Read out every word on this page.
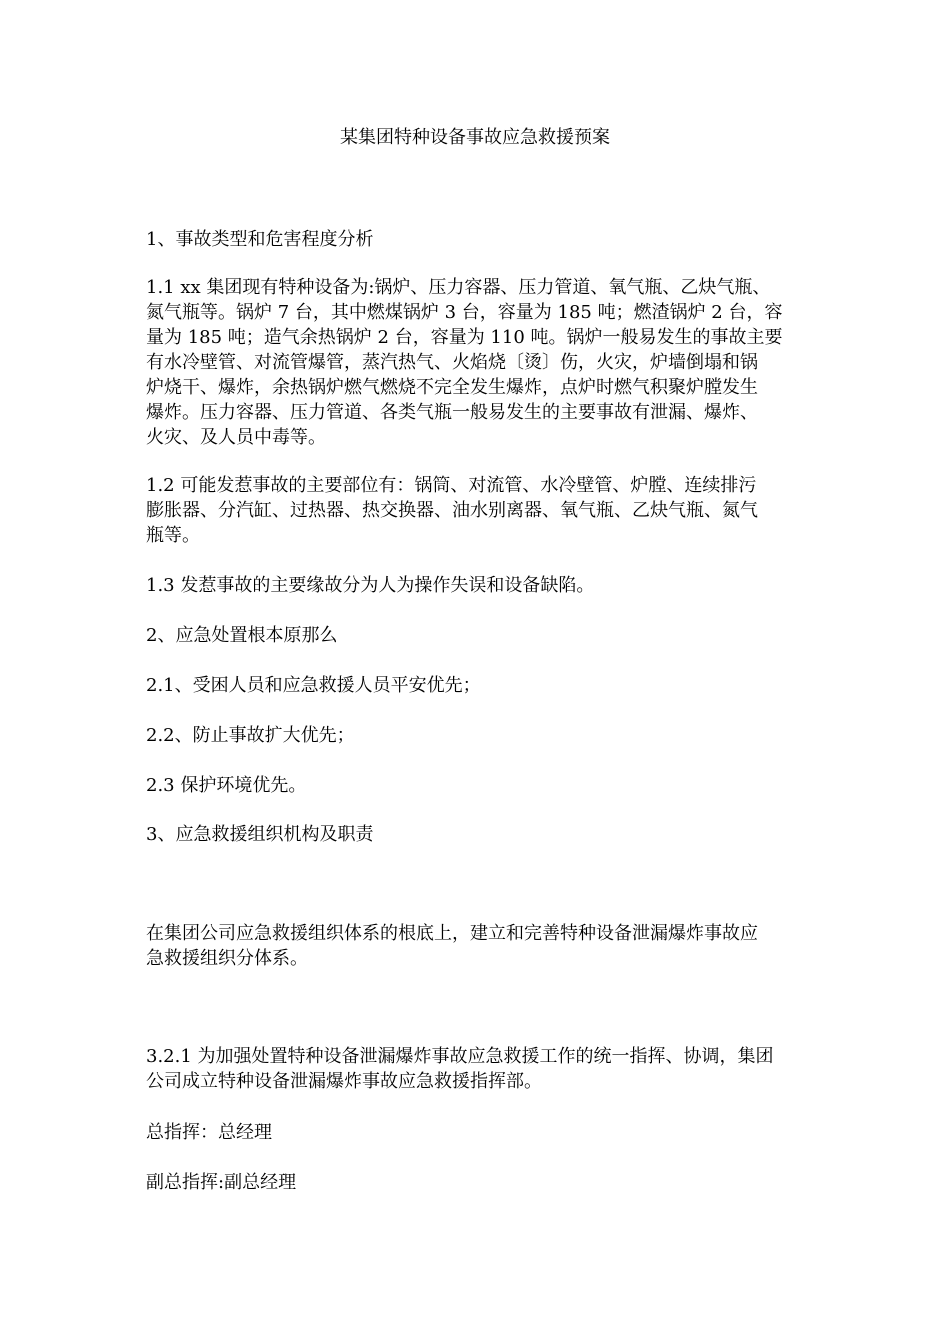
某集团特种设备事故应急救援预案

1、事故类型和危害程度分析

1.1 xx 集团现有特种设备为:锅炉、压力容器、压力管道、氧气瓶、乙炔气瓶、
氮气瓶等。锅炉 7 台，其中燃煤锅炉 3 台，容量为 185 吨；燃渣锅炉 2 台，容
量为 185 吨；造气余热锅炉 2 台，容量为 110 吨。锅炉一般易发生的事故主要
有水冷壁管、对流管爆管，蒸汽热气、火焰烧〔烫〕伤，火灾，炉墙倒塌和锅
炉烧干、爆炸，余热锅炉燃气燃烧不完全发生爆炸，点炉时燃气积聚炉膛发生
爆炸。压力容器、压力管道、各类气瓶一般易发生的主要事故有泄漏、爆炸、
火灾、及人员中毒等。

1.2 可能发惹事故的主要部位有：锅筒、对流管、水冷壁管、炉膛、连续排污
膨胀器、分汽缸、过热器、热交换器、油水别离器、氧气瓶、乙炔气瓶、氮气
瓶等。

1.3 发惹事故的主要缘故分为人为操作失误和设备缺陷。

2、应急处置根本原那么

2.1、受困人员和应急救援人员平安优先；

2.2、防止事故扩大优先；

2.3 保护环境优先。

3、应急救援组织机构及职责

在集团公司应急救援组织体系的根底上，建立和完善特种设备泄漏爆炸事故应
急救援组织分体系。

3.2.1 为加强处置特种设备泄漏爆炸事故应急救援工作的统一指挥、协调，集团
公司成立特种设备泄漏爆炸事故应急救援指挥部。

总指挥：总经理

副总指挥:副总经理
